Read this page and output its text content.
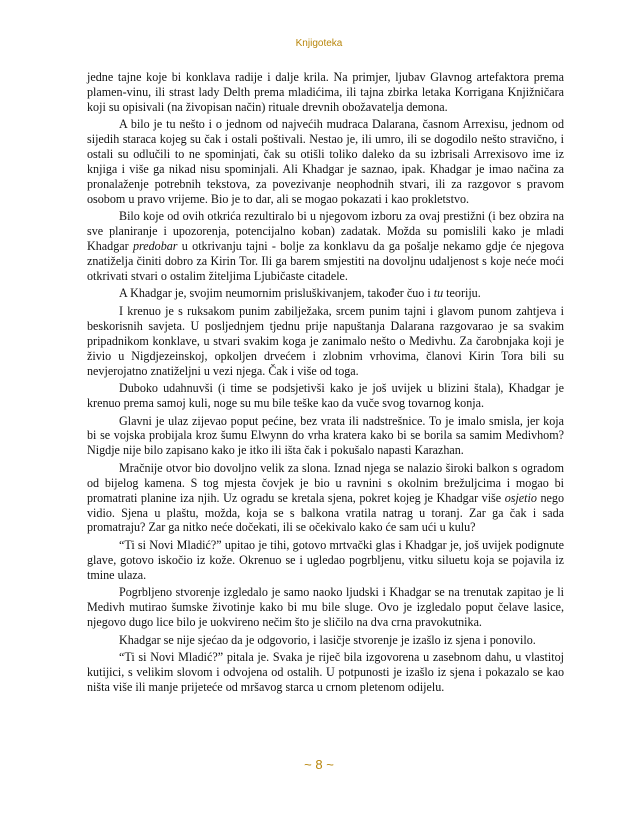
Knjigoteka

jedne tajne koje bi konklava radije i dalje krila. Na primjer, ljubav Glavnog artefaktora prema plamen-vinu, ili strast lady Delth prema mladićima, ili tajna zbirka letaka Korrigana Knjižničara koji su opisivali (na živopisan način) rituale drevnih obožavatelja demona.

A bilo je tu nešto i o jednom od najvećih mudraca Dalarana, časnom Arrexisu, jednom od sijedih staraca kojeg su čak i ostali poštivali. Nestao je, ili umro, ili se dogodilo nešto stravično, i ostali su odlučili to ne spominjati, čak su otišli toliko daleko da su izbrisali Arrexisovo ime iz knjiga i više ga nikad nisu spominjali. Ali Khadgar je saznao, ipak. Khadgar je imao načina za pronalaženje potrebnih tekstova, za povezivanje neophodnih stvari, ili za razgovor s pravom osobom u pravo vrijeme. Bio je to dar, ali se mogao pokazati i kao prokletstvo.

Bilo koje od ovih otkrića rezultiralo bi u njegovom izboru za ovaj prestižni (i bez obzira na sve planiranje i upozorenja, potencijalno koban) zadatak. Možda su pomislili kako je mladi Khadgar predobar u otkrivanju tajni - bolje za konklavu da ga pošalje nekamo gdje će njegova znatiželja činiti dobro za Kirin Tor. Ili ga barem smjestiti na dovoljnu udaljenost s koje neće moći otkrivati stvari o ostalim žiteljima Ljubičaste citadele.

A Khadgar je, svojim neumornim prisluškivanjem, također čuo i tu teoriju.

I krenuo je s ruksakom punim zabilježaka, srcem punim tajni i glavom punom zahtjeva i beskorisnih savjeta. U posljednjem tjednu prije napuštanja Dalarana razgovarao je sa svakim pripadnikom konklave, u stvari svakim koga je zanimalo nešto o Medivhu. Za čarobnjaka koji je živio u Nigdjezeinskoj, opkoljen drvećem i zlobnim vrhovima, članovi Kirin Tora bili su nevjerojatno znatiželjni u vezi njega. Čak i više od toga.

Duboko udahnuvši (i time se podsjetivši kako je još uvijek u blizini štala), Khadgar je krenuo prema samoj kuli, noge su mu bile teške kao da vuče svog tovarnog konja.

Glavni je ulaz zijevao poput pećine, bez vrata ili nadstrešnice. To je imalo smisla, jer koja bi se vojska probijala kroz šumu Elwynn do vrha kratera kako bi se borila sa samim Medivhom? Nigdje nije bilo zapisano kako je itko ili išta čak i pokušalo napasti Karazhan.

Mračnije otvor bio dovoljno velik za slona. Iznad njega se nalazio široki balkon s ogradom od bijelog kamena. S tog mjesta čovjek je bio u ravnini s okolnim brežuljcima i mogao bi promatrati planine iza njih. Uz ogradu se kretala sjena, pokret kojeg je Khadgar više osjetio nego vidio. Sjena u plaštu, možda, koja se s balkona vratila natrag u toranj. Zar ga čak i sada promatraju? Zar ga nitko neće dočekati, ili se očekivalo kako će sam ući u kulu?

“Ti si Novi Mladić?” upitao je tihi, gotovo mrtvački glas i Khadgar je, još uvijek podignute glave, gotovo iskočio iz kože. Okrenuo se i ugledao pogrbljenu, vitku siluetu koja se pojavila iz tmine ulaza.

Pogrbljeno stvorenje izgledalo je samo naoko ljudski i Khadgar se na trenutak zapitao je li Medivh mutirao šumske životinje kako bi mu bile sluge. Ovo je izgledalo poput čelave lasice, njegovo dugo lice bilo je uokvireno nečim što je sličilo na dva crna pravokutnika.

Khadgar se nije sjećao da je odgovorio, i lasičje stvorenje je izašlo iz sjena i ponovilo.

“Ti si Novi Mladić?” pitala je. Svaka je riječ bila izgovorena u zasebnom dahu, u vlastitoj kutijici, s velikim slovom i odvojena od ostalih. U potpunosti je izašlo iz sjena i pokazalo se kao ništa više ili manje prijeteće od mršavog starca u crnom pletenom odijelu.

~ 8 ~
